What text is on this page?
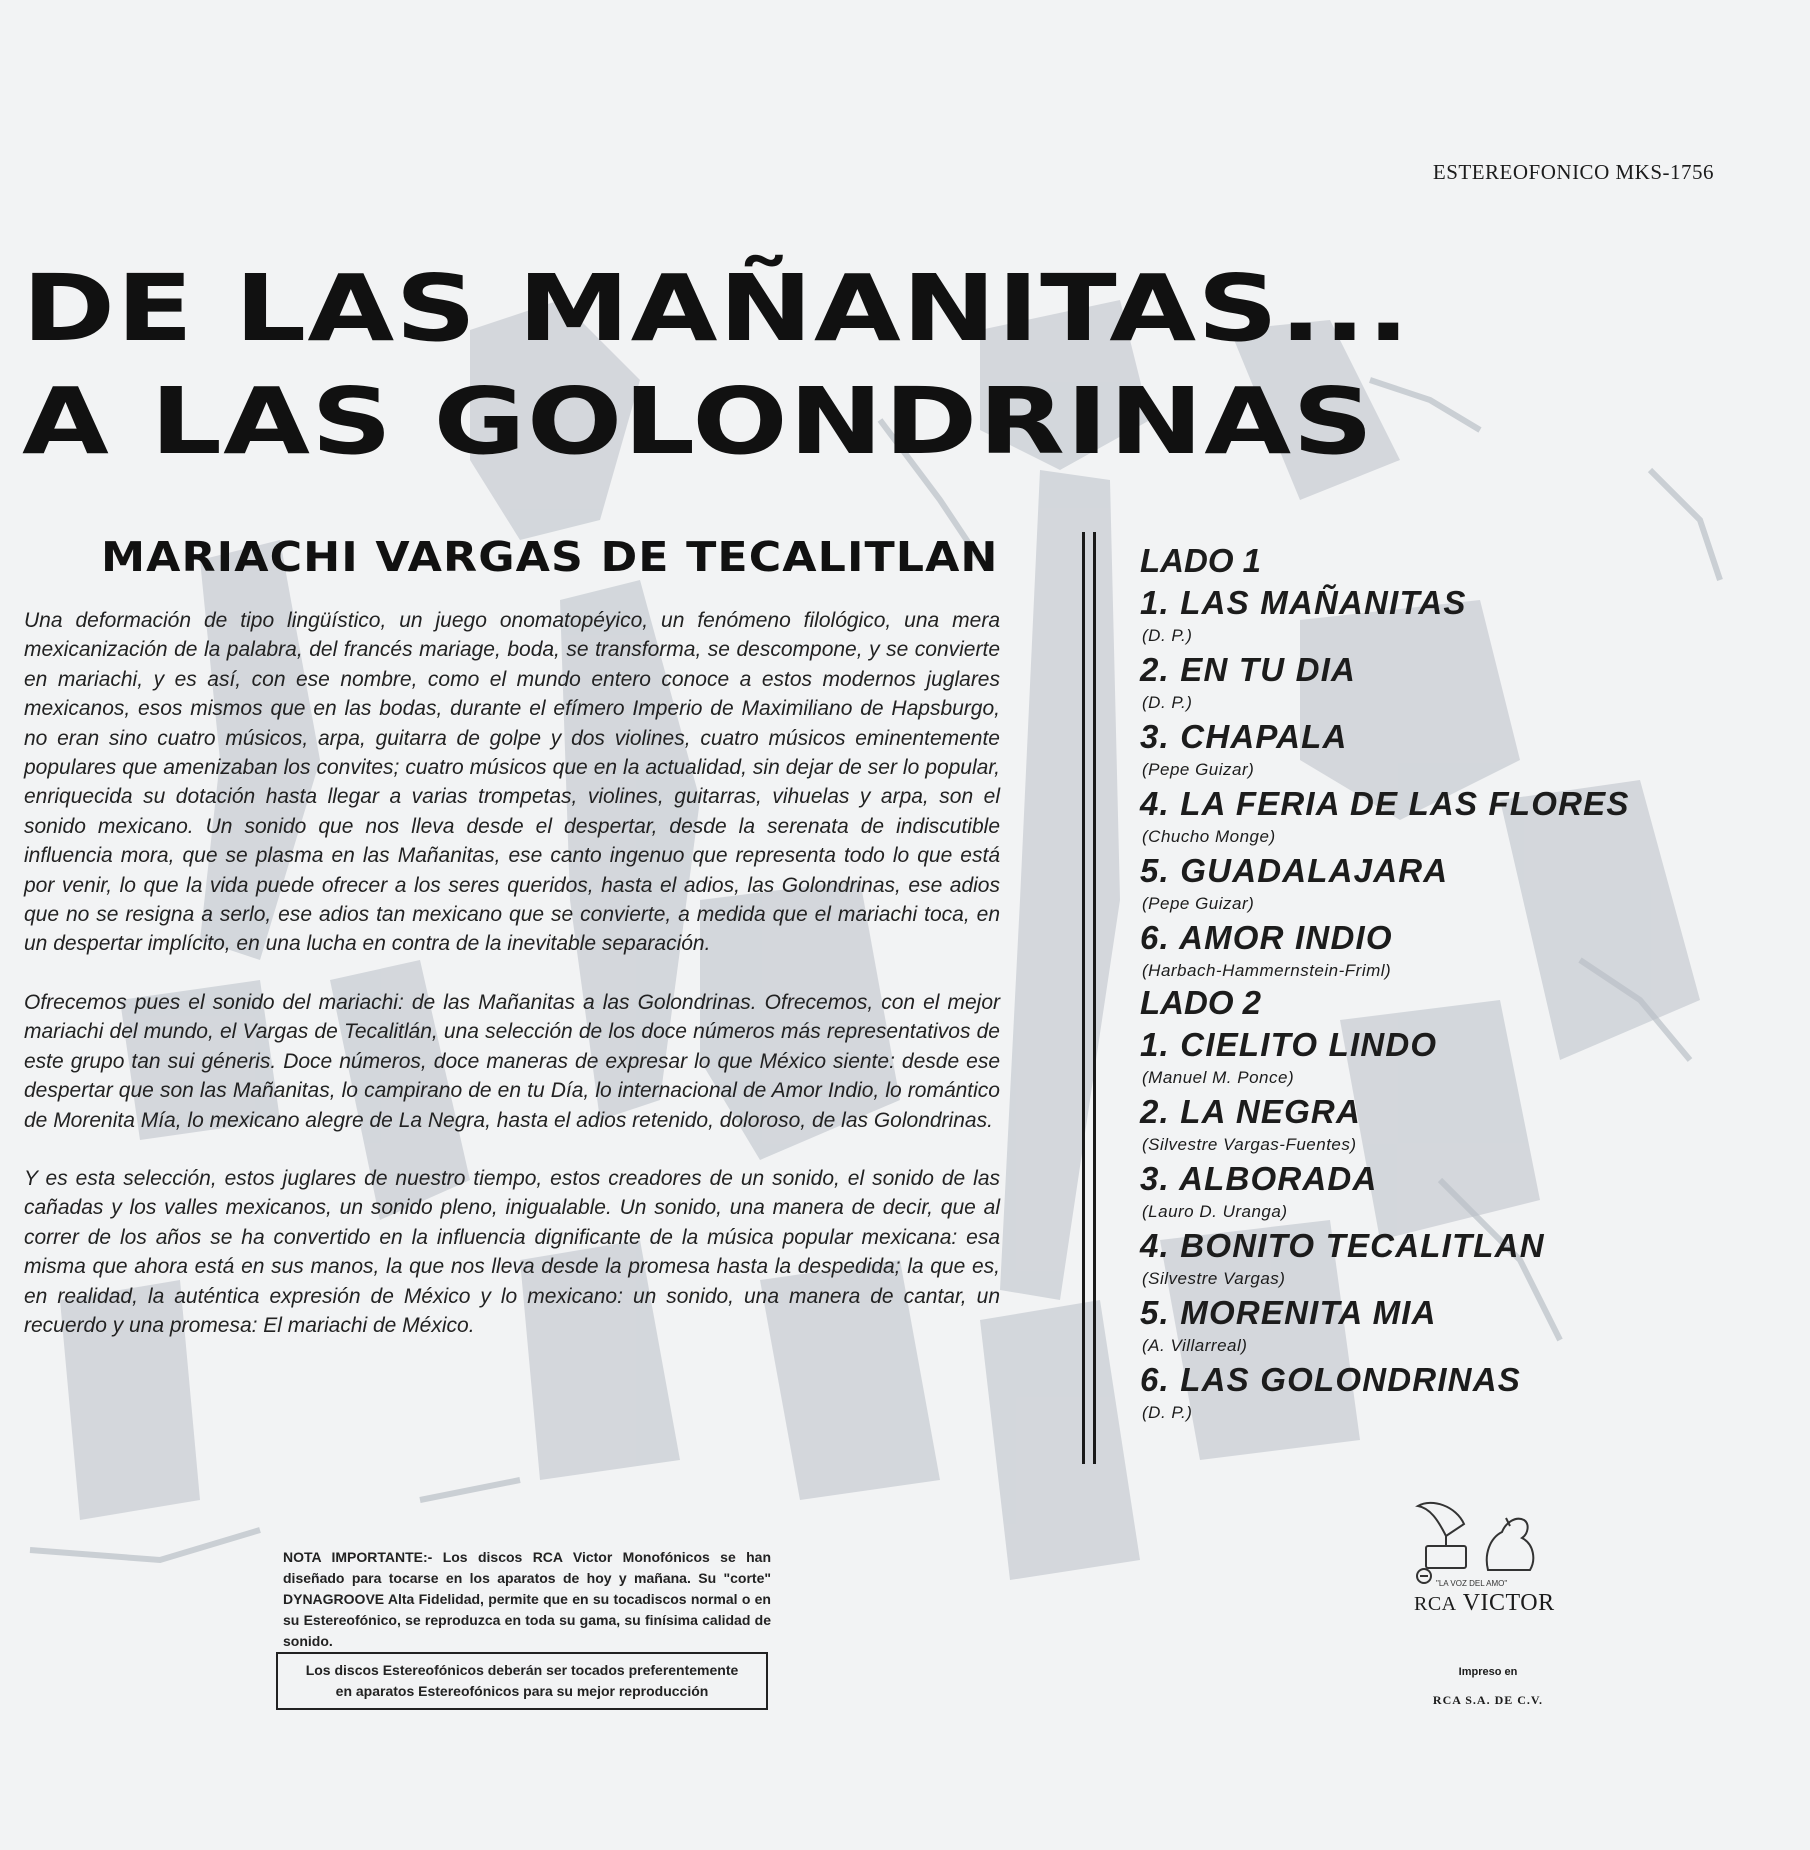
ESTEREOFONICO MKS-1756
DE LAS MAÑANITAS...
A LAS GOLONDRINAS
MARIACHI VARGAS DE TECALITLAN

Una deformación de tipo lingüístico, un juego onomatopéyico, un fenómeno filológico, una mera mexicanización de la palabra, del francés mariage, boda, se transforma, se descompone, y se convierte en mariachi, y es así, con ese nombre, como el mundo entero conoce a estos modernos juglares mexicanos, esos mismos que en las bodas, durante el efímero Imperio de Maximiliano de Hapsburgo, no eran sino cuatro músicos, arpa, guitarra de golpe y dos violines, cuatro músicos eminentemente populares que amenizaban los convites; cuatro músicos que en la actualidad, sin dejar de ser lo popular, enriquecida su dotación hasta llegar a varias trompetas, violines, guitarras, vihuelas y arpa, son el sonido mexicano. Un sonido que nos lleva desde el despertar, desde la serenata de indiscutible influencia mora, que se plasma en las Mañanitas, ese canto ingenuo que representa todo lo que está por venir, lo que la vida puede ofrecer a los seres queridos, hasta el adios, las Golondrinas, ese adios que no se resigna a serlo, ese adios tan mexicano que se convierte, a medida que el mariachi toca, en un despertar implícito, en una lucha en contra de la inevitable separación.

Ofrecemos pues el sonido del mariachi: de las Mañanitas a las Golondrinas. Ofrecemos, con el mejor mariachi del mundo, el Vargas de Tecalitlán, una selección de los doce números más representativos de este grupo tan sui géneris. Doce números, doce maneras de expresar lo que México siente: desde ese despertar que son las Mañanitas, lo campirano de en tu Día, lo internacional de Amor Indio, lo romántico de Morenita Mía, lo mexicano alegre de La Negra, hasta el adios retenido, doloroso, de las Golondrinas.

Y es esta selección, estos juglares de nuestro tiempo, estos creadores de un sonido, el sonido de las cañadas y los valles mexicanos, un sonido pleno, inigualable. Un sonido, una manera de decir, que al correr de los años se ha convertido en la influencia dignificante de la música popular mexicana: esa misma que ahora está en sus manos, la que nos lleva desde la promesa hasta la despedida; la que es, en realidad, la auténtica expresión de México y lo mexicano: un sonido, una manera de cantar, un recuerdo y una promesa: El mariachi de México.

LADO 1
1. LAS MAÑANITAS
(D. P.)
2. EN TU DIA
(D. P.)
3. CHAPALA
(Pepe Guizar)
4. LA FERIA DE LAS FLORES
(Chucho Monge)
5. GUADALAJARA
(Pepe Guizar)
6. AMOR INDIO
(Harbach-Hammernstein-Friml)
LADO 2
1. CIELITO LINDO
(Manuel M. Ponce)
2. LA NEGRA
(Silvestre Vargas-Fuentes)
3. ALBORADA
(Lauro D. Uranga)
4. BONITO TECALITLAN
(Silvestre Vargas)
5. MORENITA MIA
(A. Villarreal)
6. LAS GOLONDRINAS
(D. P.)
NOTA IMPORTANTE:- Los discos RCA Victor Monofónicos se han diseñado para tocarse en los aparatos de hoy y mañana. Su "corte" DYNAGROOVE Alta Fidelidad, permite que en su tocadiscos normal o en su Estereofónico, se reproduzca en toda su gama, su finísima calidad de sonido.
Los discos Estereofónicos deberán ser tocados preferentemente
en aparatos Estereofónicos para su mejor reproducción
"LA VOZ DEL AMO"
RCA VICTOR
Impreso en
RCA S.A. DE C.V.
